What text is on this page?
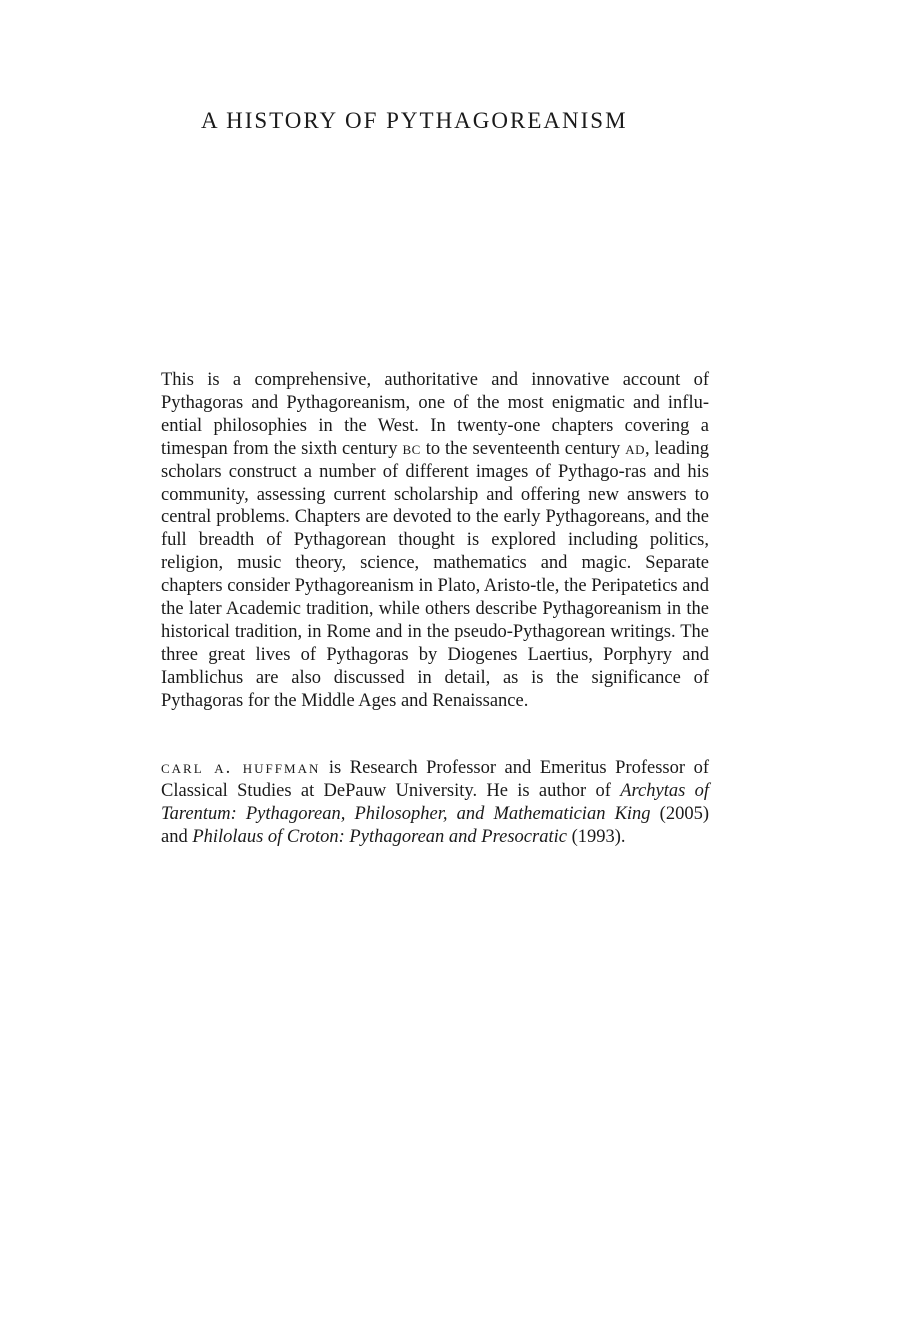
A HISTORY OF PYTHAGOREANISM

This is a comprehensive, authoritative and innovative account of Pythagoras and Pythagoreanism, one of the most enigmatic and influ-ential philosophies in the West. In twenty-one chapters covering a timespan from the sixth century bc to the seventeenth century ad, leading scholars construct a number of different images of Pythago-ras and his community, assessing current scholarship and offering new answers to central problems. Chapters are devoted to the early Pythagoreans, and the full breadth of Pythagorean thought is explored including politics, religion, music theory, science, mathematics and magic. Separate chapters consider Pythagoreanism in Plato, Aristo-tle, the Peripatetics and the later Academic tradition, while others describe Pythagoreanism in the historical tradition, in Rome and in the pseudo-Pythagorean writings. The three great lives of Pythagoras by Diogenes Laertius, Porphyry and Iamblichus are also discussed in detail, as is the significance of Pythagoras for the Middle Ages and Renaissance.

carl a. huffman is Research Professor and Emeritus Professor of Classical Studies at DePauw University. He is author of Archytas of Tarentum: Pythagorean, Philosopher, and Mathematician King (2005) and Philolaus of Croton: Pythagorean and Presocratic (1993).
